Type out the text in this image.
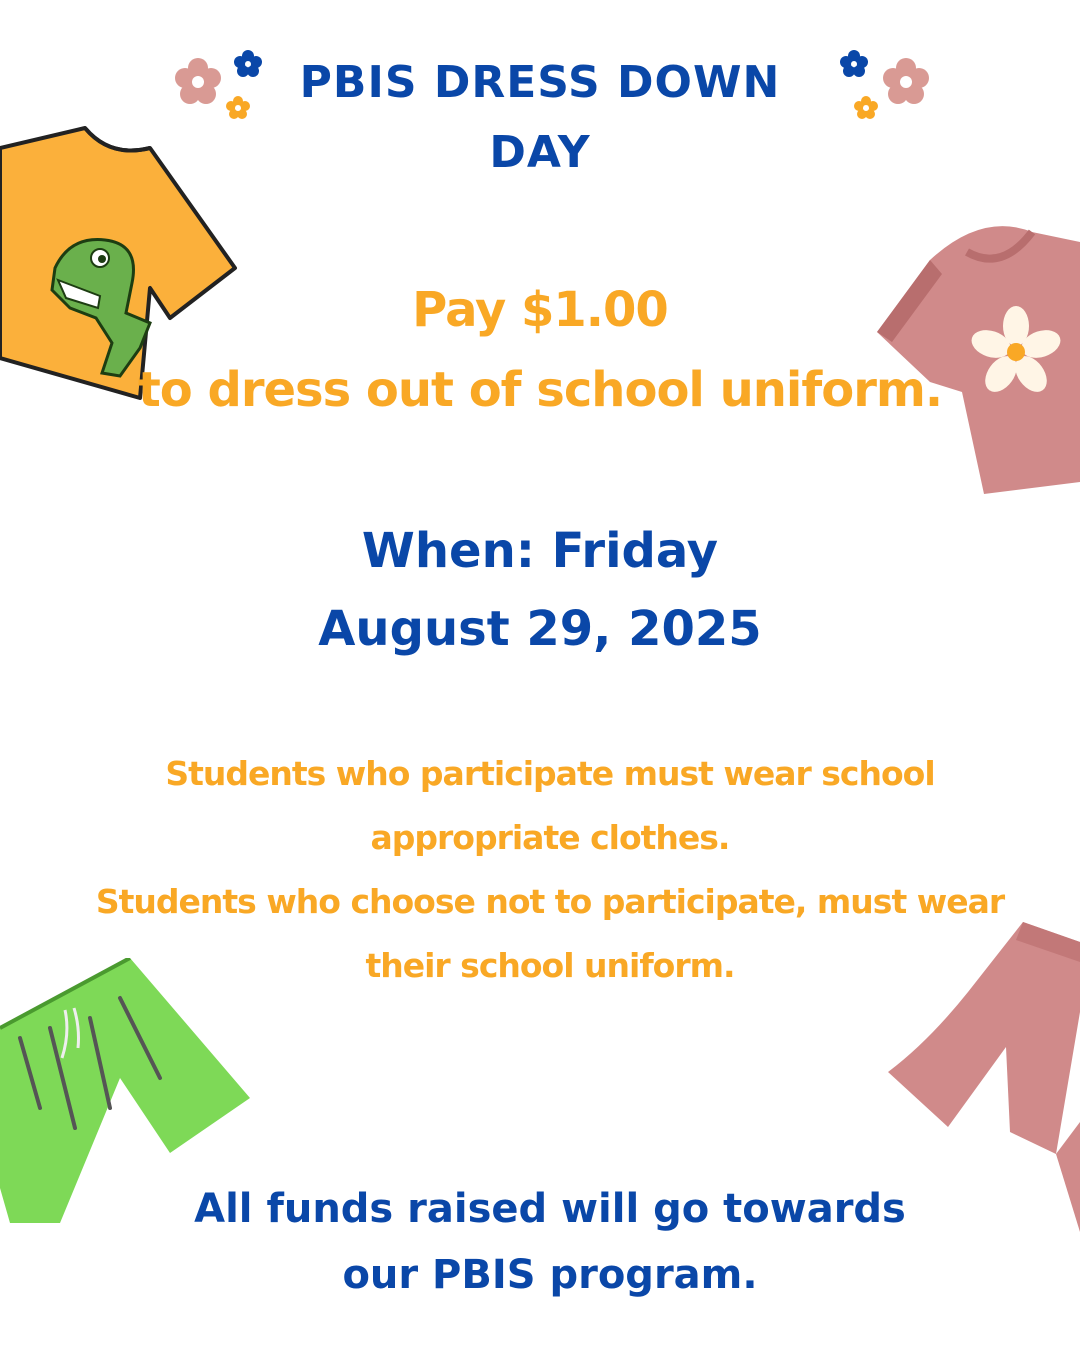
PBIS DRESS DOWN
DAY
Pay $1.00
to dress out of school uniform.
When: Friday
August 29, 2025
Students who participate must wear school
appropriate clothes.
Students who choose not to participate, must wear
their school uniform.
All funds raised will go towards
our PBIS program.
